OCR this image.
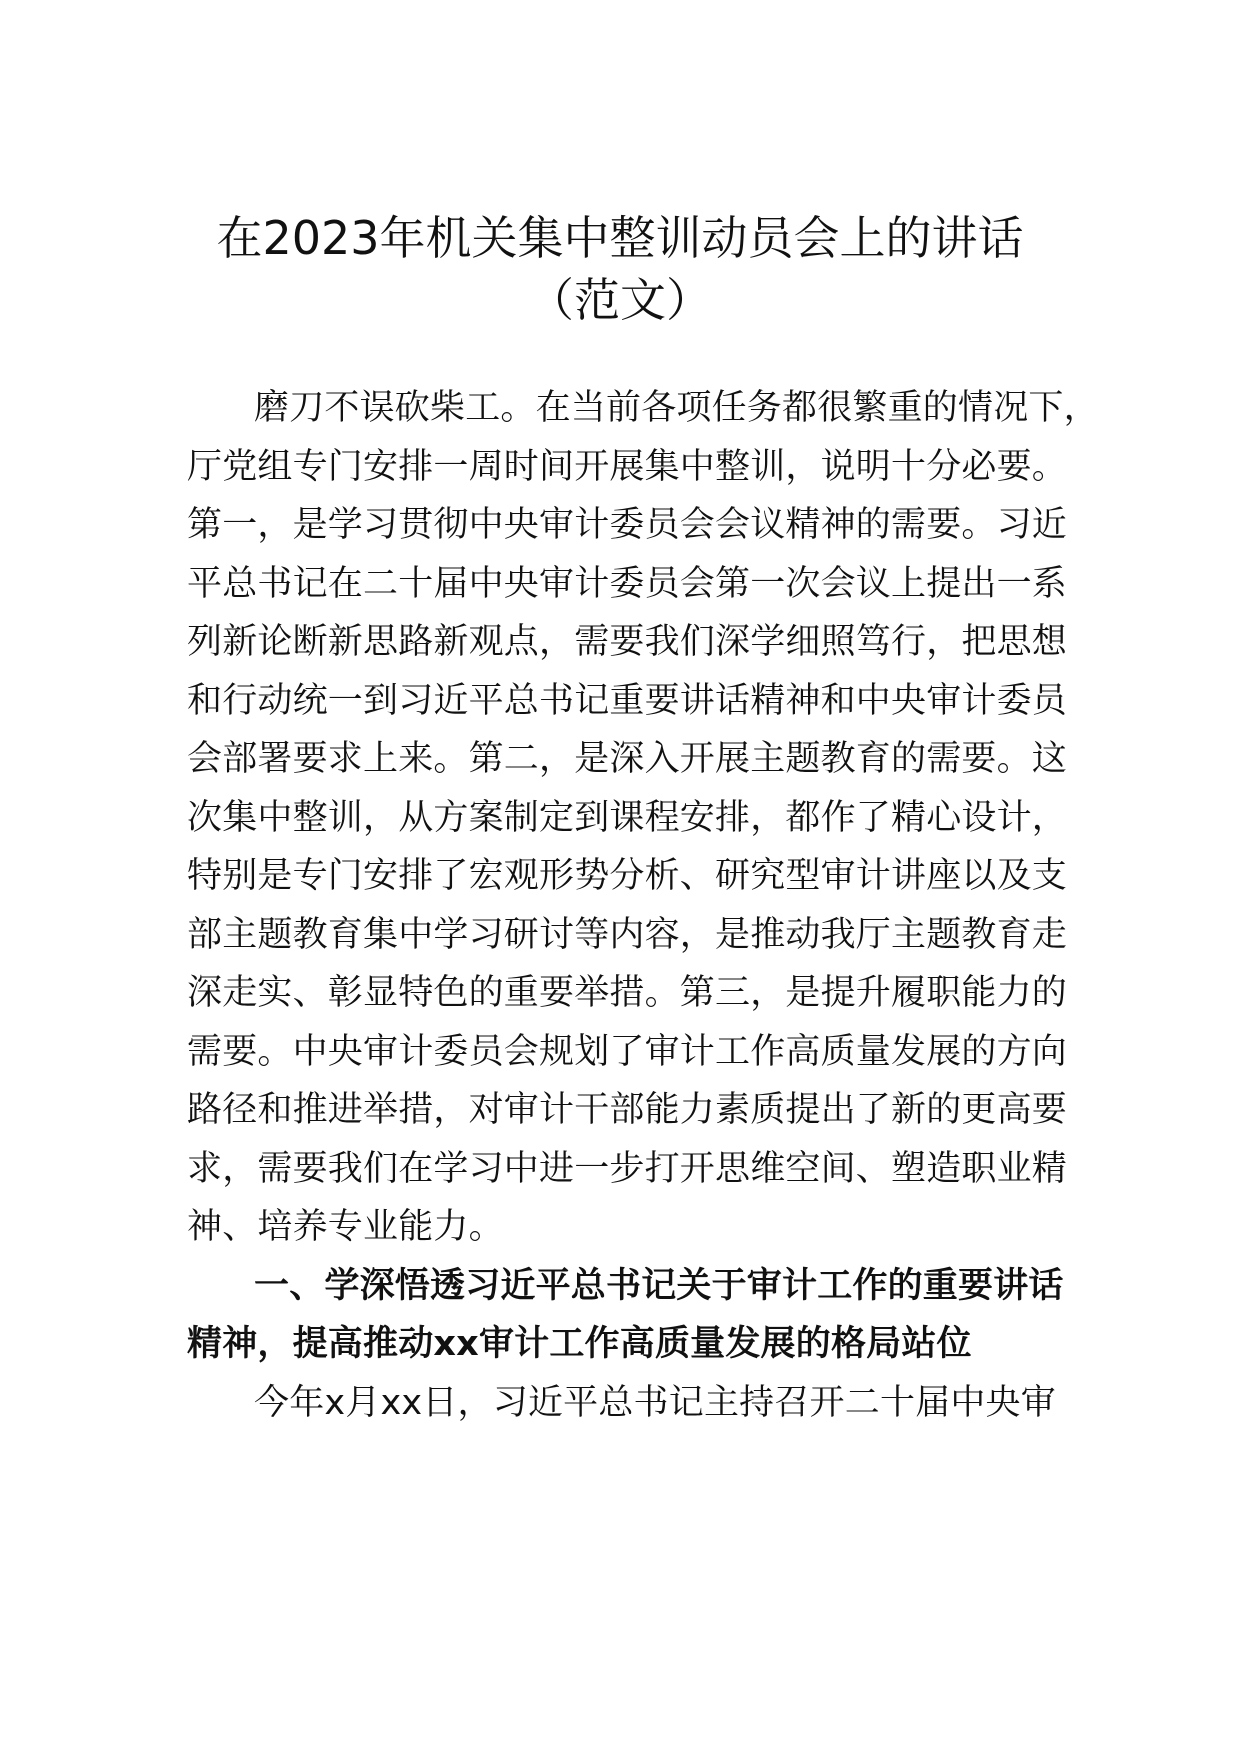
在2023年机关集中整训动员会上的讲话
（范文）
磨刀不误砍柴工。在当前各项任务都很繁重的情况下，
厅党组专门安排一周时间开展集中整训，说明十分必要。
第一，是学习贯彻中央审计委员会会议精神的需要。习近
平总书记在二十届中央审计委员会第一次会议上提出一系
列新论断新思路新观点，需要我们深学细照笃行，把思想
和行动统一到习近平总书记重要讲话精神和中央审计委员
会部署要求上来。第二，是深入开展主题教育的需要。这
次集中整训，从方案制定到课程安排，都作了精心设计，
特别是专门安排了宏观形势分析、研究型审计讲座以及支
部主题教育集中学习研讨等内容，是推动我厅主题教育走
深走实、彰显特色的重要举措。第三，是提升履职能力的
需要。中央审计委员会规划了审计工作高质量发展的方向
路径和推进举措，对审计干部能力素质提出了新的更高要
求，需要我们在学习中进一步打开思维空间、塑造职业精
神、培养专业能力。
一、学深悟透习近平总书记关于审计工作的重要讲话
精神，提高推动xx审计工作高质量发展的格局站位
今年x月xx日，习近平总书记主持召开二十届中央审
